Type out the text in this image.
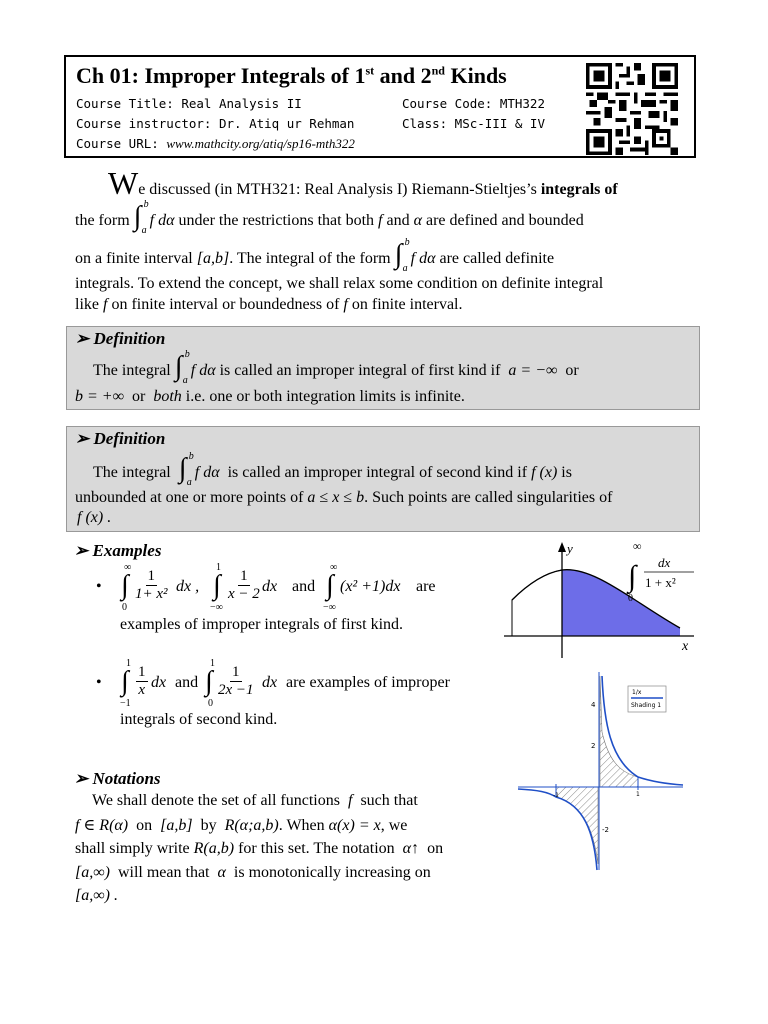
Ch 01: Improper Integrals of 1st and 2nd Kinds
Course Title: Real Analysis II	Course Code: MTH322
Course instructor: Dr. Atiq ur Rehman	Class: MSc-III & IV
Course URL: www.mathcity.org/atiq/sp16-mth322
We discussed (in MTH321: Real Analysis I) Riemann-Stieltjes’s integrals of
the form ∫ b
a
f dα under the restrictions that both f and α are defined and bounded
on a finite interval [a,b]. The integral of the form ∫ b
a
f dα are called definite
integrals. To extend the concept, we shall relax some condition on definite integral
like f on finite interval or boundedness of f on finite interval.
➢ Definition
The integral ∫ b
a
f dα is called an improper integral of first kind if a = −∞ or
b = +∞ or both i.e. one or both integration limits is infinite.
➢ Definition
The integral ∫ b
a
f dα is called an improper integral of second kind if f (x) is
unbounded at one or more points of a ≤ x ≤ b. Such points are called singularities of
f (x) .
➢ Examples
•
∞
∫
0
$\frac{1}{\text{1+ x²}}$ dx ,
1
∫
−∞
$\frac{1}{x - 2}$ dx and
∞
∫
−∞
(x² +1)dx are
examples of improper integrals of first kind.
•
1
∫
−1
$\frac{1}{x}$ dx and
1
∫
0
$\frac{1}{2x -1}$ dx are examples of improper
integrals of second kind.
y
x
∞
∫
0
dx
1 + x²
4
2
-2
-1	1
1/x
Shading 1
➢ Notations
We shall denote the set of all functions f such that
f ∈ R(α) on [a,b] by R(α;a,b). When α(x) = x, we
shall simply write R(a,b) for this set. The notation α↑ on
[a,∞) will mean that α is monotonically increasing on
[a,∞) .
